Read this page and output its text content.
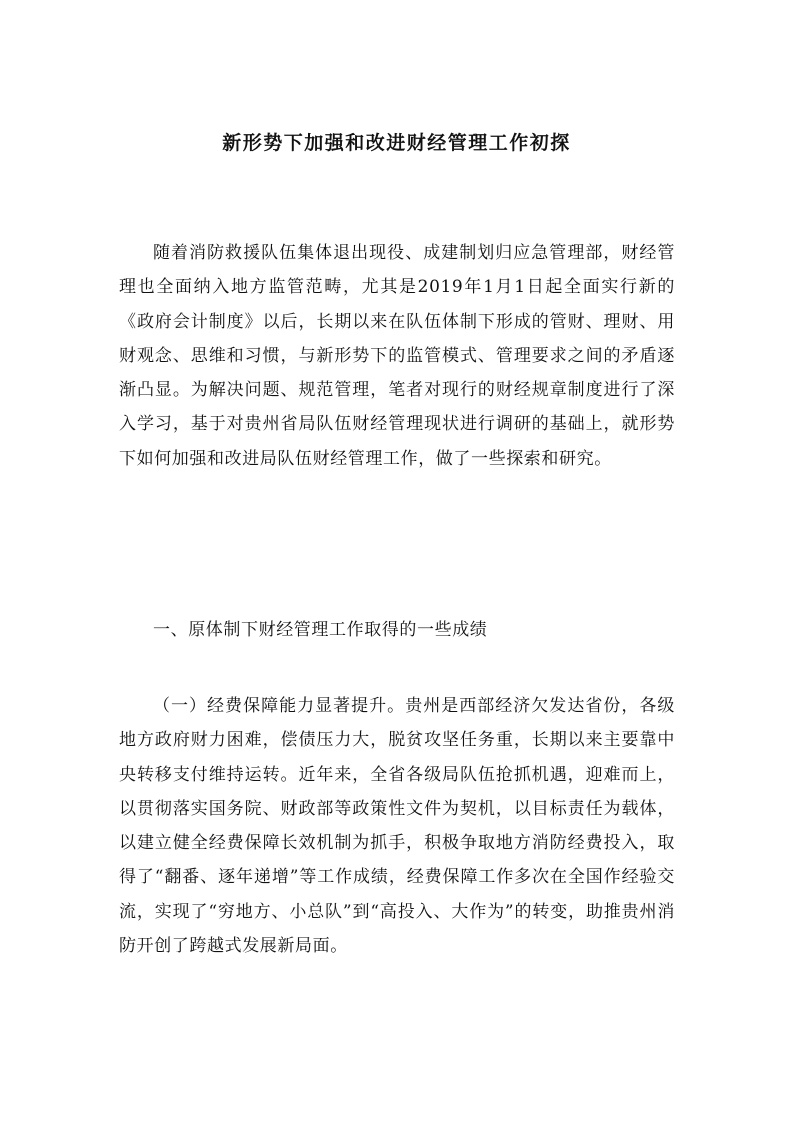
新形势下加强和改进财经管理工作初探

随着消防救援队伍集体退出现役、成建制划归应急管理部，财经管理也全面纳入地方监管范畴，尤其是2019年1月1日起全面实行新的《政府会计制度》以后，长期以来在队伍体制下形成的管财、理财、用财观念、思维和习惯，与新形势下的监管模式、管理要求之间的矛盾逐渐凸显。为解决问题、规范管理，笔者对现行的财经规章制度进行了深入学习，基于对贵州省局队伍财经管理现状进行调研的基础上，就形势下如何加强和改进局队伍财经管理工作，做了一些探索和研究。

一、原体制下财经管理工作取得的一些成绩

（一）经费保障能力显著提升。贵州是西部经济欠发达省份，各级地方政府财力困难，偿债压力大，脱贫攻坚任务重，长期以来主要靠中央转移支付维持运转。近年来，全省各级局队伍抢抓机遇，迎难而上，以贯彻落实国务院、财政部等政策性文件为契机，以目标责任为载体，以建立健全经费保障长效机制为抓手，积极争取地方消防经费投入，取得了“翻番、逐年递增”等工作成绩，经费保障工作多次在全国作经验交流，实现了“穷地方、小总队”到“高投入、大作为”的转变，助推贵州消防开创了跨越式发展新局面。
